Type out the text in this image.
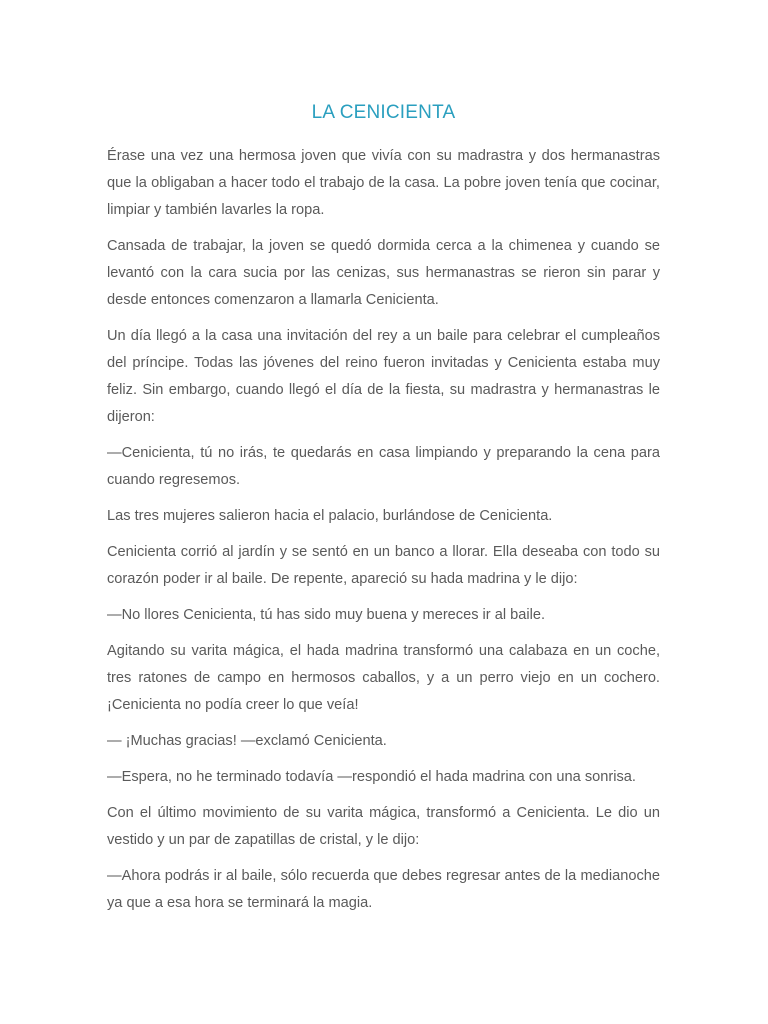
LA CENICIENTA

Érase una vez una hermosa joven que vivía con su madrastra y dos hermanastras que la obligaban a hacer todo el trabajo de la casa. La pobre joven tenía que cocinar, limpiar y también lavarles la ropa.

Cansada de trabajar, la joven se quedó dormida cerca a la chimenea y cuando se levantó con la cara sucia por las cenizas, sus hermanastras se rieron sin parar y desde entonces comenzaron a llamarla Cenicienta.

Un día llegó a la casa una invitación del rey a un baile para celebrar el cumpleaños del príncipe. Todas las jóvenes del reino fueron invitadas y Cenicienta estaba muy feliz. Sin embargo, cuando llegó el día de la fiesta, su madrastra y hermanastras le dijeron:

—Cenicienta, tú no irás, te quedarás en casa limpiando y preparando la cena para cuando regresemos.

Las tres mujeres salieron hacia el palacio, burlándose de Cenicienta.

Cenicienta corrió al jardín y se sentó en un banco a llorar. Ella deseaba con todo su corazón poder ir al baile. De repente, apareció su hada madrina y le dijo:

—No llores Cenicienta, tú has sido muy buena y mereces ir al baile.

Agitando su varita mágica, el hada madrina transformó una calabaza en un coche, tres ratones de campo en hermosos caballos, y a un perro viejo en un cochero. ¡Cenicienta no podía creer lo que veía!

— ¡Muchas gracias! —exclamó Cenicienta.

—Espera, no he terminado todavía —respondió el hada madrina con una sonrisa.

Con el último movimiento de su varita mágica, transformó a Cenicienta. Le dio un vestido y un par de zapatillas de cristal, y le dijo:

—Ahora podrás ir al baile, sólo recuerda que debes regresar antes de la medianoche ya que a esa hora se terminará la magia.
